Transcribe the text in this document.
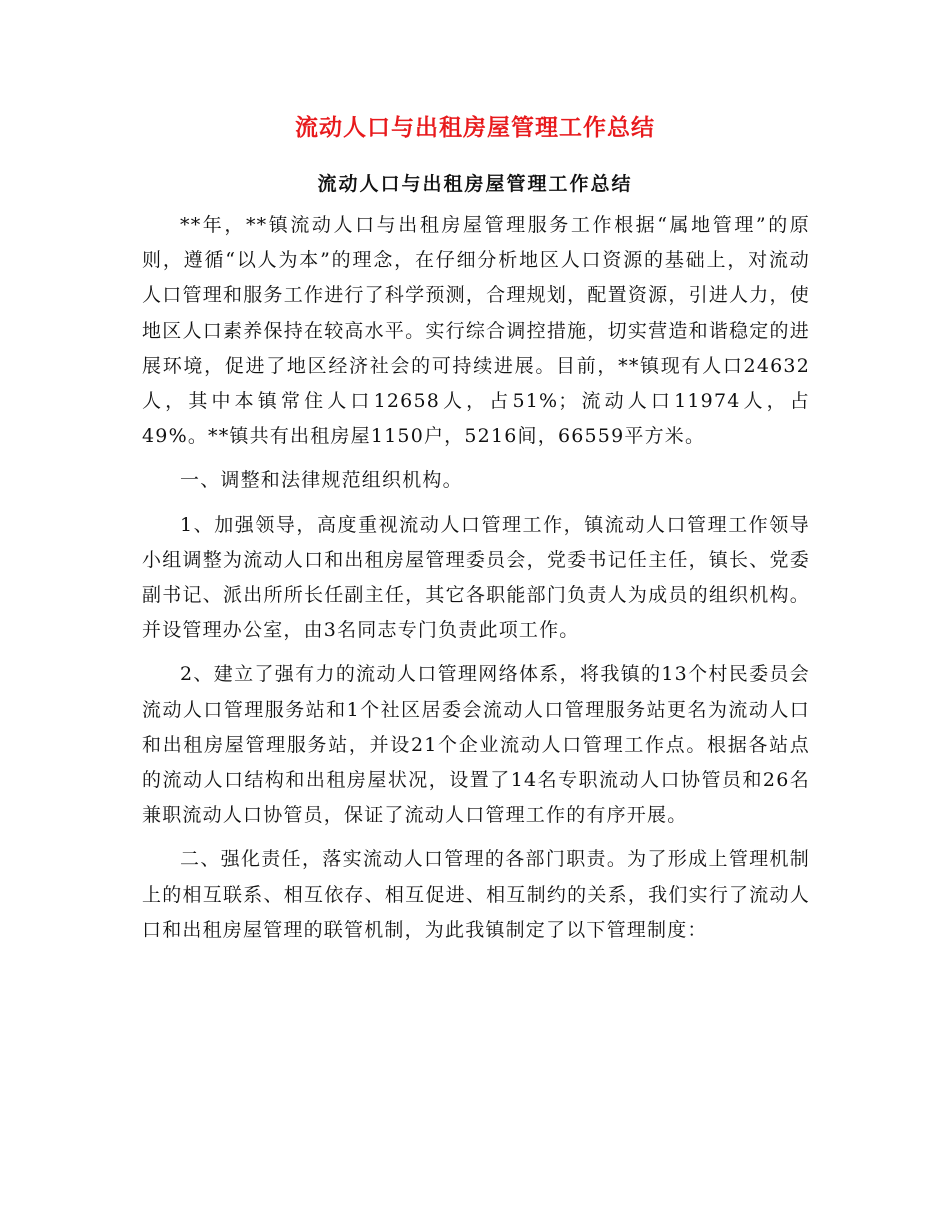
流动人口与出租房屋管理工作总结
流动人口与出租房屋管理工作总结

**年，**镇流动人口与出租房屋管理服务工作根据“属地管理”的原则，遵循“以人为本”的理念，在仔细分析地区人口资源的基础上，对流动人口管理和服务工作进行了科学预测，合理规划，配置资源，引进人力，使地区人口素养保持在较高水平。实行综合调控措施，切实营造和谐稳定的进展环境，促进了地区经济社会的可持续进展。目前，**镇现有人口24632人，其中本镇常住人口12658人，占51%；流动人口11974人，占49%。**镇共有出租房屋1150户，5216间，66559平方米。

一、调整和法律规范组织机构。

1、加强领导，高度重视流动人口管理工作，镇流动人口管理工作领导小组调整为流动人口和出租房屋管理委员会，党委书记任主任，镇长、党委副书记、派出所所长任副主任，其它各职能部门负责人为成员的组织机构。并设管理办公室，由3名同志专门负责此项工作。

2、建立了强有力的流动人口管理网络体系，将我镇的13个村民委员会流动人口管理服务站和1个社区居委会流动人口管理服务站更名为流动人口和出租房屋管理服务站，并设21个企业流动人口管理工作点。根据各站点的流动人口结构和出租房屋状况，设置了14名专职流动人口协管员和26名兼职流动人口协管员，保证了流动人口管理工作的有序开展。

二、强化责任，落实流动人口管理的各部门职责。为了形成上管理机制上的相互联系、相互依存、相互促进、相互制约的关系，我们实行了流动人口和出租房屋管理的联管机制，为此我镇制定了以下管理制度：
